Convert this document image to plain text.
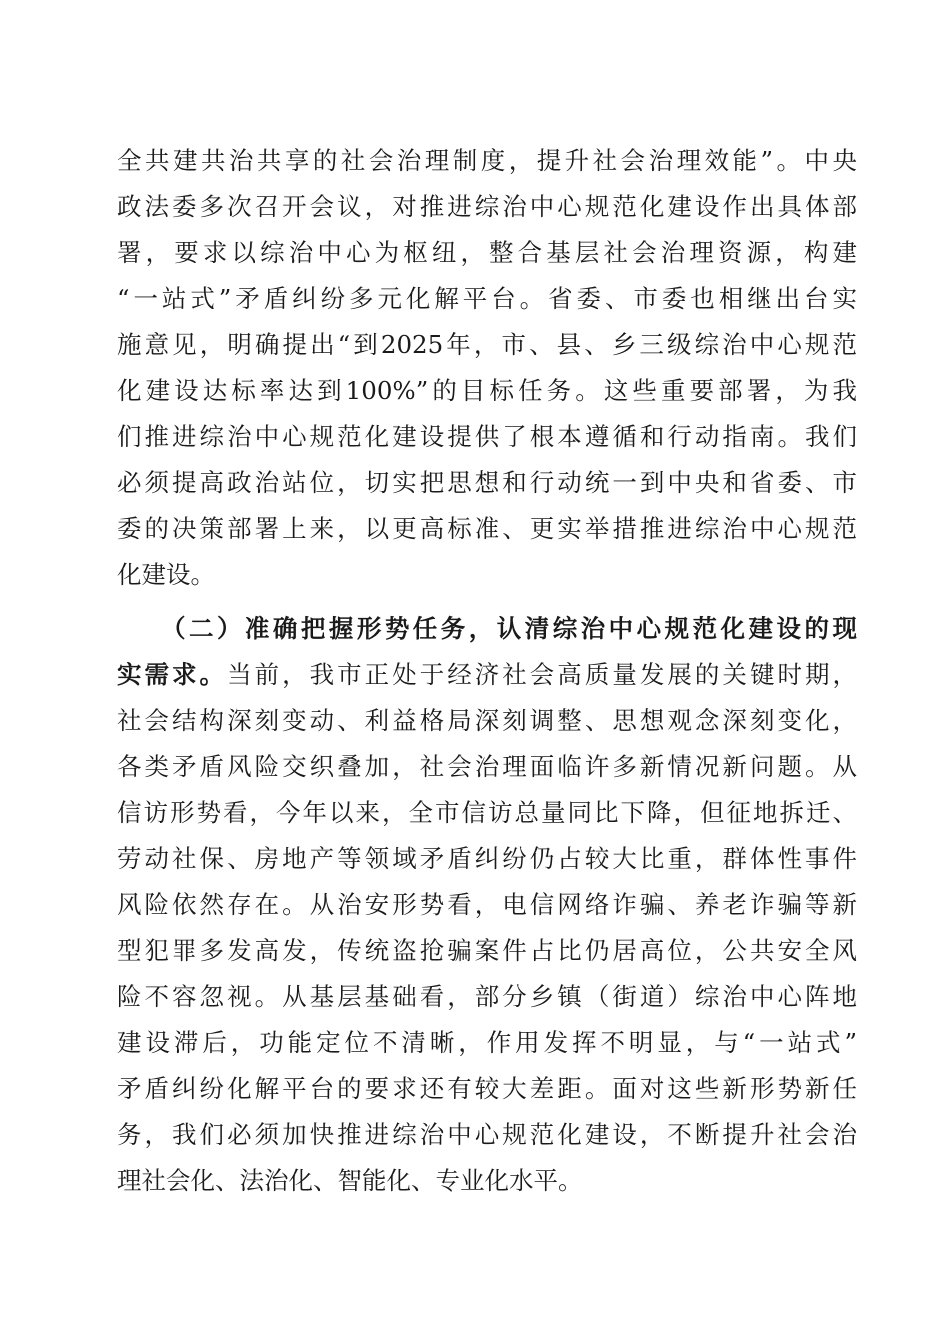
全共建共治共享的社会治理制度，提升社会治理效能”。中央
政法委多次召开会议，对推进综治中心规范化建设作出具体部
署，要求以综治中心为枢纽，整合基层社会治理资源，构建
“一站式”矛盾纠纷多元化解平台。省委、市委也相继出台实
施意见，明确提出“到2025年，市、县、乡三级综治中心规范
化建设达标率达到100%”的目标任务。这些重要部署，为我
们推进综治中心规范化建设提供了根本遵循和行动指南。我们
必须提高政治站位，切实把思想和行动统一到中央和省委、市
委的决策部署上来，以更高标准、更实举措推进综治中心规范
化建设。
（二）准确把握形势任务，认清综治中心规范化建设的现
实需求。当前，我市正处于经济社会高质量发展的关键时期，
社会结构深刻变动、利益格局深刻调整、思想观念深刻变化，
各类矛盾风险交织叠加，社会治理面临许多新情况新问题。从
信访形势看，今年以来，全市信访总量同比下降，但征地拆迁、
劳动社保、房地产等领域矛盾纠纷仍占较大比重，群体性事件
风险依然存在。从治安形势看，电信网络诈骗、养老诈骗等新
型犯罪多发高发，传统盗抢骗案件占比仍居高位，公共安全风
险不容忽视。从基层基础看，部分乡镇（街道）综治中心阵地
建设滞后，功能定位不清晰，作用发挥不明显，与“一站式”
矛盾纠纷化解平台的要求还有较大差距。面对这些新形势新任
务，我们必须加快推进综治中心规范化建设，不断提升社会治
理社会化、法治化、智能化、专业化水平。
